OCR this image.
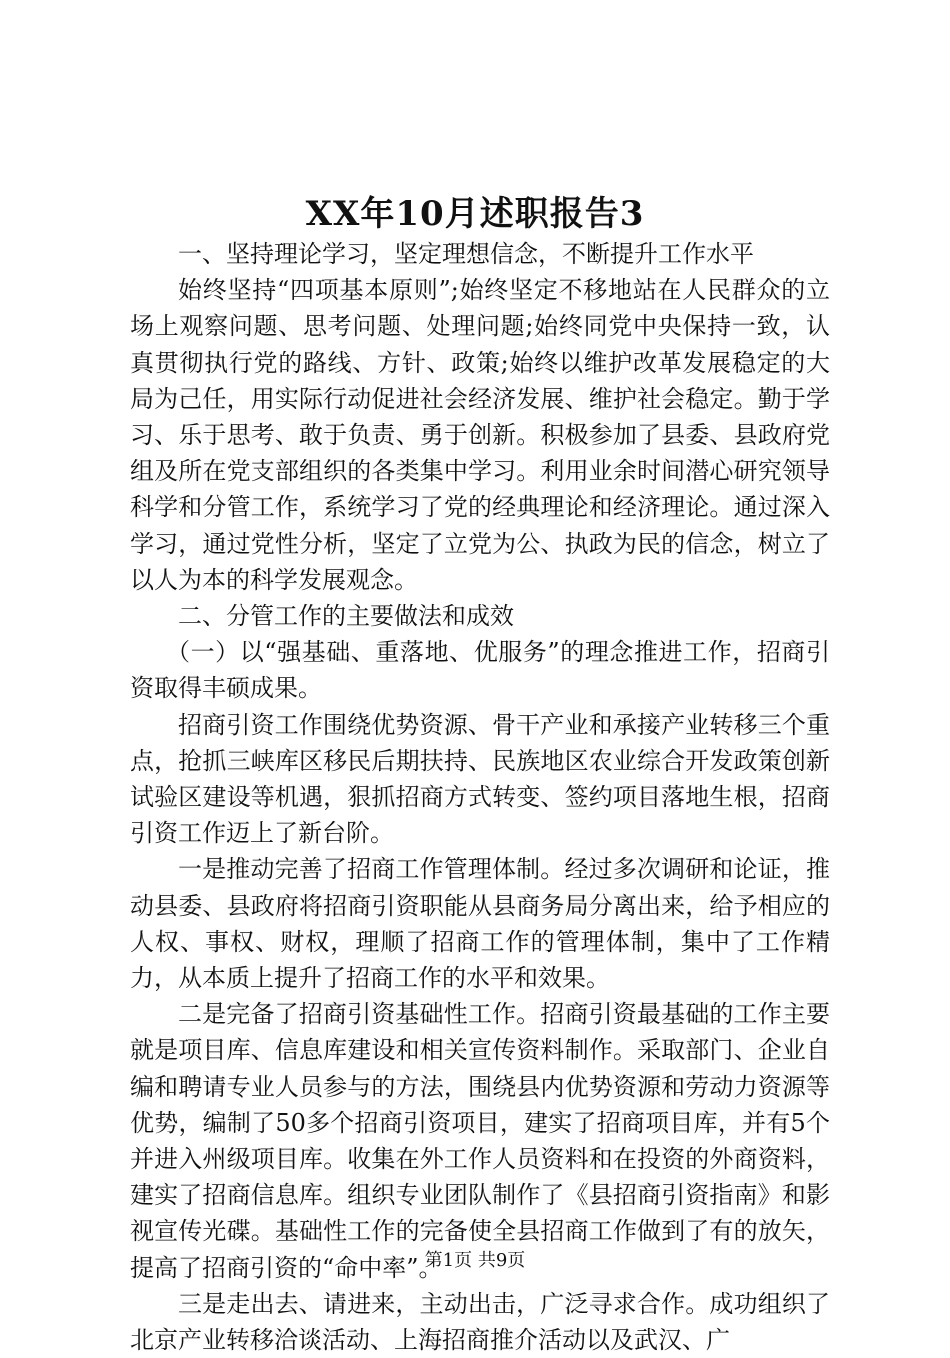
XX年10月述职报告3

一、坚持理论学习，坚定理想信念，不断提升工作水平

始终坚持“四项基本原则”;始终坚定不移地站在人民群众的立场上观察问题、思考问题、处理问题;始终同党中央保持一致，认真贯彻执行党的路线、方针、政策;始终以维护改革发展稳定的大局为己任，用实际行动促进社会经济发展、维护社会稳定。勤于学习、乐于思考、敢于负责、勇于创新。积极参加了县委、县政府党组及所在党支部组织的各类集中学习。利用业余时间潜心研究领导科学和分管工作，系统学习了党的经典理论和经济理论。通过深入学习，通过党性分析，坚定了立党为公、执政为民的信念，树立了以人为本的科学发展观念。

二、分管工作的主要做法和成效

（一）以“强基础、重落地、优服务”的理念推进工作，招商引资取得丰硕成果。

招商引资工作围绕优势资源、骨干产业和承接产业转移三个重点，抢抓三峡库区移民后期扶持、民族地区农业综合开发政策创新试验区建设等机遇，狠抓招商方式转变、签约项目落地生根，招商引资工作迈上了新台阶。

一是推动完善了招商工作管理体制。经过多次调研和论证，推动县委、县政府将招商引资职能从县商务局分离出来，给予相应的人权、事权、财权，理顺了招商工作的管理体制，集中了工作精力，从本质上提升了招商工作的水平和效果。

二是完备了招商引资基础性工作。招商引资最基础的工作主要就是项目库、信息库建设和相关宣传资料制作。采取部门、企业自编和聘请专业人员参与的方法，围绕县内优势资源和劳动力资源等优势，编制了50多个招商引资项目，建实了招商项目库，并有5个并进入州级项目库。收集在外工作人员资料和在投资的外商资料，建实了招商信息库。组织专业团队制作了《县招商引资指南》和影视宣传光碟。基础性工作的完备使全县招商工作做到了有的放矢，提高了招商引资的“命中率”。

三是走出去、请进来，主动出击，广泛寻求合作。成功组织了北京产业转移洽谈活动、上海招商推介活动以及武汉、广

第1页 共9页
